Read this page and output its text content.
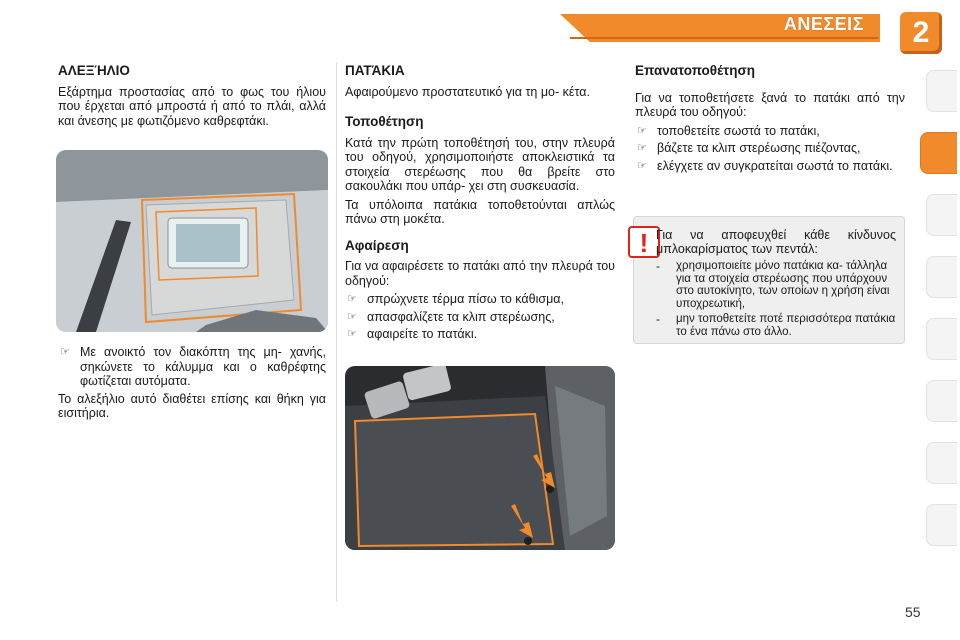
ΑΝΕΣΕΙΣ	2
ΑΛΕΞΉΛΙΟ
Εξάρτημα προστασίας από το φως του ήλιου που έρχεται από μπροστά ή από το πλάι, αλλά και άνεσης με φωτιζόμενο καθρεφτάκι.
☞ Με ανοικτό τον διακόπτη της μη- χανής, σηκώνετε το κάλυμμα και ο καθρέφτης φωτίζεται αυτόματα.
Το αλεξήλιο αυτό διαθέτει επίσης και θήκη για εισιτήρια.
ΠΑΤΆΚΙΑ
Αφαιρούμενο προστατευτικό για τη μο- κέτα.
Τοποθέτηση
Κατά την πρώτη τοποθέτησή του, στην πλευρά του οδηγού, χρησιμοποιήστε αποκλειστικά τα στοιχεία στερέωσης που θα βρείτε στο σακουλάκι που υπάρ- χει στη συσκευασία.
Τα υπόλοιπα πατάκια τοποθετούνται απλώς πάνω στη μοκέτα.
Αφαίρεση
Για να αφαιρέσετε το πατάκι από την πλευρά του οδηγού:
☞ σπρώχνετε τέρμα πίσω το κάθισμα,
☞ απασφαλίζετε τα κλιπ στερέωσης,
☞ αφαιρείτε το πατάκι.
Επανατοποθέτηση
Για να τοποθετήσετε ξανά το πατάκι από την πλευρά του οδηγού:
☞ τοποθετείτε σωστά το πατάκι,
☞ βάζετε τα κλιπ στερέωσης πιέζοντας,
☞ ελέγχετε αν συγκρατείται σωστά το πατάκι.
! Για να αποφευχθεί κάθε κίνδυνος μπλοκαρίσματος των πεντάλ:
-	χρησιμοποιείτε μόνο πατάκια κα- τάλληλα για τα στοιχεία στερέωσης που υπάρχουν στο αυτοκίνητο, των οποίων η χρήση είναι υποχρεωτική,
-	μην τοποθετείτε ποτέ περισσότερα πατάκια το ένα πάνω στο άλλο.
55
